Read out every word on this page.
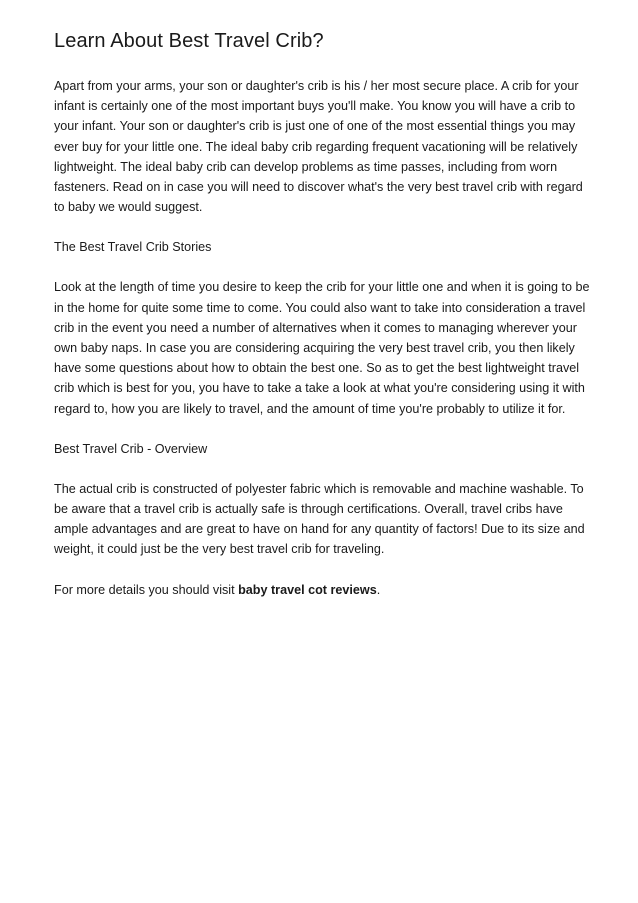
Learn About Best Travel Crib?

Apart from your arms, your son or daughter's crib is his / her most secure place. A crib for your infant is certainly one of the most important buys you'll make. You know you will have a crib to your infant. Your son or daughter's crib is just one of one of the most essential things you may ever buy for your little one. The ideal baby crib regarding frequent vacationing will be relatively lightweight. The ideal baby crib can develop problems as time passes, including from worn fasteners. Read on in case you will need to discover what's the very best travel crib with regard to baby we would suggest.

The Best Travel Crib Stories

Look at the length of time you desire to keep the crib for your little one and when it is going to be in the home for quite some time to come. You could also want to take into consideration a travel crib in the event you need a number of alternatives when it comes to managing wherever your own baby naps. In case you are considering acquiring the very best travel crib, you then likely have some questions about how to obtain the best one. So as to get the best lightweight travel crib which is best for you, you have to take a take a look at what you're considering using it with regard to, how you are likely to travel, and the amount of time you're probably to utilize it for.

Best Travel Crib - Overview

The actual crib is constructed of polyester fabric which is removable and machine washable. To be aware that a travel crib is actually safe is through certifications. Overall, travel cribs have ample advantages and are great to have on hand for any quantity of factors! Due to its size and weight, it could just be the very best travel crib for traveling.

For more details you should visit baby travel cot reviews.
